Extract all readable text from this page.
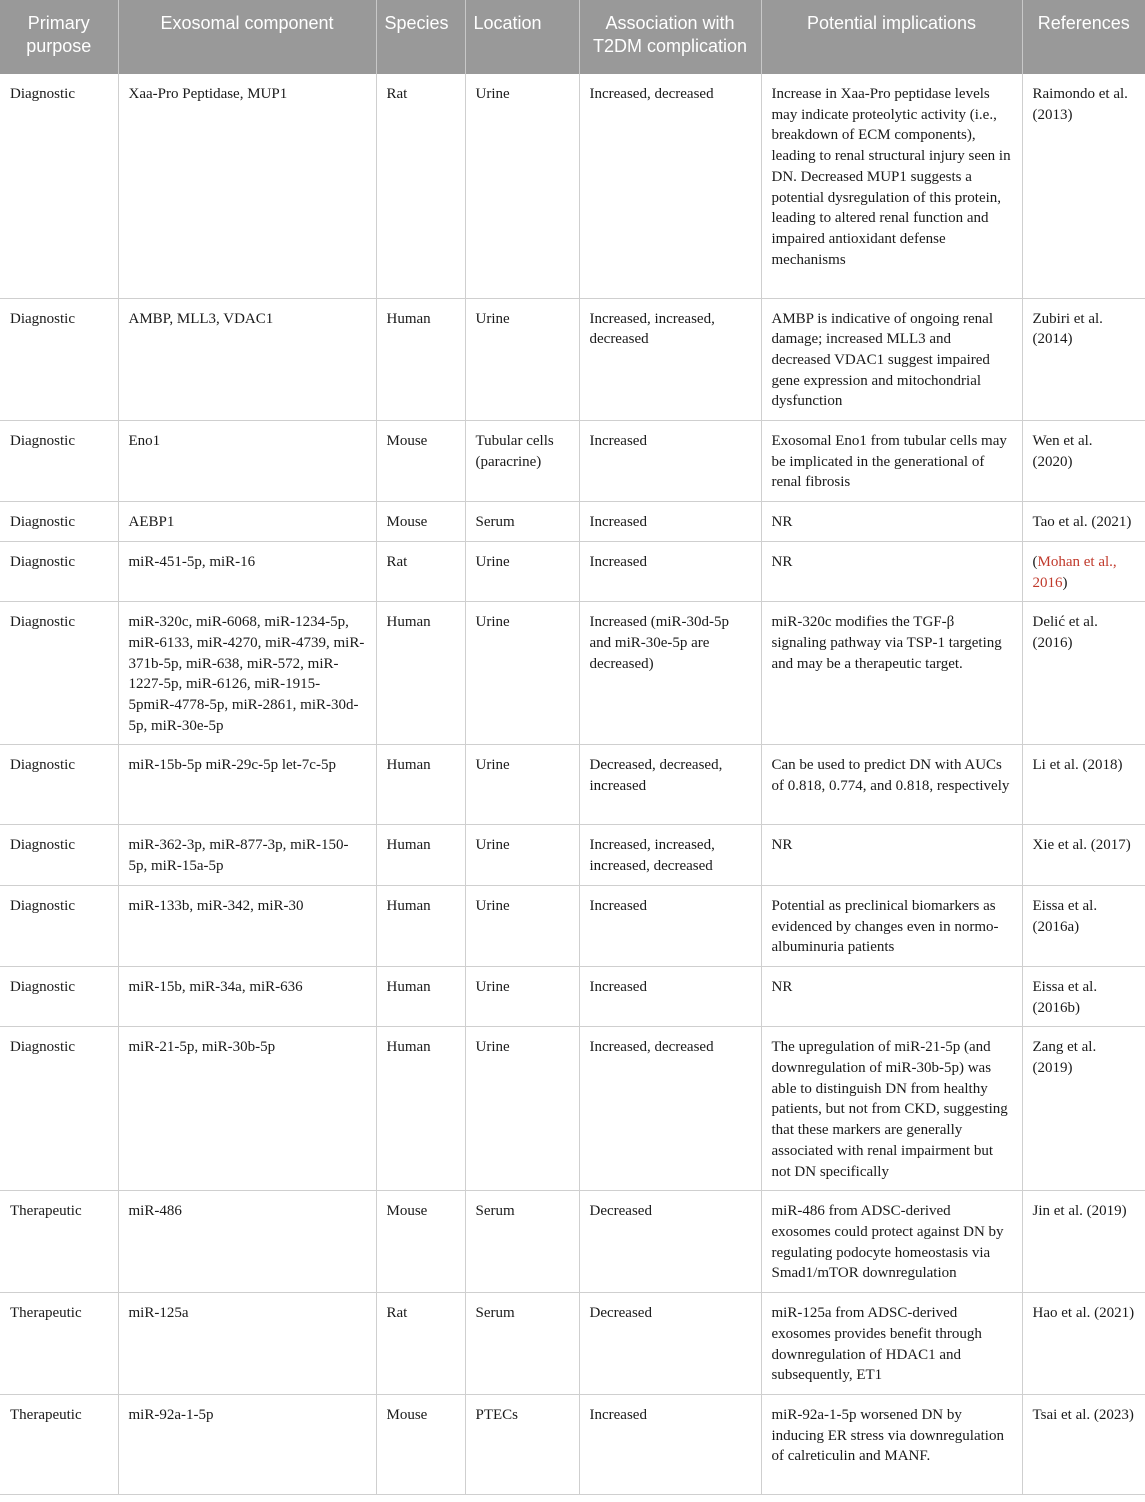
Primary purpose	Exosomal component	Species	Location	Association with T2DM complication	Potential implications	References
Diagnostic	Xaa-Pro Peptidase, MUP1	Rat	Urine	Increased, decreased	Increase in Xaa-Pro peptidase levels may indicate proteolytic activity (i.e., breakdown of ECM components), leading to renal structural injury seen in DN. Decreased MUP1 suggests a potential dysregulation of this protein, leading to altered renal function and impaired antioxidant defense mechanisms	Raimondo et al. (2013)
Diagnostic	AMBP, MLL3, VDAC1	Human	Urine	Increased, increased, decreased	AMBP is indicative of ongoing renal damage; increased MLL3 and decreased VDAC1 suggest impaired gene expression and mitochondrial dysfunction	Zubiri et al. (2014)
Diagnostic	Eno1	Mouse	Tubular cells (paracrine)	Increased	Exosomal Eno1 from tubular cells may be implicated in the generational of renal fibrosis	Wen et al. (2020)
Diagnostic	AEBP1	Mouse	Serum	Increased	NR	Tao et al. (2021)
Diagnostic	miR-451-5p, miR-16	Rat	Urine	Increased	NR	(Mohan et al., 2016)
Diagnostic	miR-320c, miR-6068, miR-1234-5p, miR-6133, miR-4270, miR-4739, miR-371b-5p, miR-638, miR-572, miR-1227-5p, miR-6126, miR-1915-5pmiR-4778-5p, miR-2861, miR-30d-5p, miR-30e-5p	Human	Urine	Increased (miR-30d-5p and miR-30e-5p are decreased)	miR-320c modifies the TGF-β signaling pathway via TSP-1 targeting and may be a therapeutic target.	Delić et al. (2016)
Diagnostic	miR-15b-5p miR-29c-5p let-7c-5p	Human	Urine	Decreased, decreased, increased	Can be used to predict DN with AUCs of 0.818, 0.774, and 0.818, respectively	Li et al. (2018)
Diagnostic	miR-362-3p, miR-877-3p, miR-150-5p, miR-15a-5p	Human	Urine	Increased, increased, increased, decreased	NR	Xie et al. (2017)
Diagnostic	miR-133b, miR-342, miR-30	Human	Urine	Increased	Potential as preclinical biomarkers as evidenced by changes even in normo-albuminuria patients	Eissa et al. (2016a)
Diagnostic	miR-15b, miR-34a, miR-636	Human	Urine	Increased	NR	Eissa et al. (2016b)
Diagnostic	miR-21-5p, miR-30b-5p	Human	Urine	Increased, decreased	The upregulation of miR-21-5p (and downregulation of miR-30b-5p) was able to distinguish DN from healthy patients, but not from CKD, suggesting that these markers are generally associated with renal impairment but not DN specifically	Zang et al. (2019)
Therapeutic	miR-486	Mouse	Serum	Decreased	miR-486 from ADSC-derived exosomes could protect against DN by regulating podocyte homeostasis via Smad1/mTOR downregulation	Jin et al. (2019)
Therapeutic	miR-125a	Rat	Serum	Decreased	miR-125a from ADSC-derived exosomes provides benefit through downregulation of HDAC1 and subsequently, ET1	Hao et al. (2021)
Therapeutic	miR-92a-1-5p	Mouse	PTECs	Increased	miR-92a-1-5p worsened DN by inducing ER stress via downregulation of calreticulin and MANF.	Tsai et al. (2023)
